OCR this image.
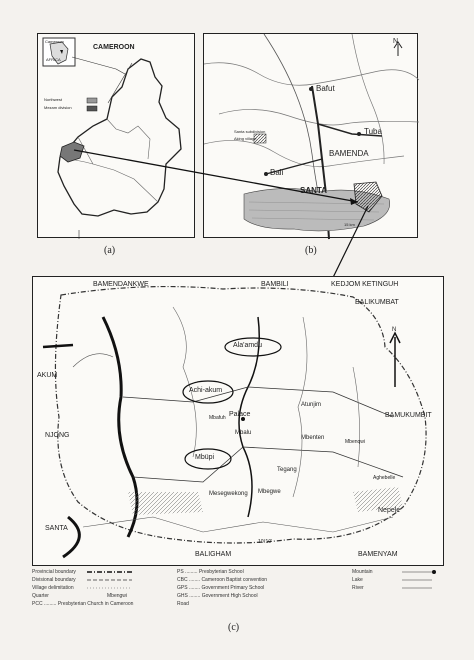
CAMEROON
Cameroon
AFRICA
Northwest
Mezam division
(a)
N
Bafut
Tuba
BAMENDA
Bali
SANTA
Santa subdivision
Aking village
15 km
(b)
BAMENDANKWE	BAMBILI	KEDJOM KETINGUH
BALIKUMBAT
AKUM
BAMUKUMBIT
NJONG
SANTA
BALIGHAM	BAMENYAM
Ala'amdu
Achi-akum
Mbüpi
Palace
Mbafuh
Mbalu
Atunjim
Mbenten
Mbenqwi
Tegang
Mbegwe
Mesegwekong
Nepele
Aghebelle
10°10'
N
Provincial boundary
Divisional boundary
Village delimitation
Quarter
PCC ......... Presbyterian Church in Cameroon
Mbengwi
PS ......... Presbyterian School
CBC ........ Cameroon Baptist convention
GPS ........ Government Primary School
GHS ........ Government High School
Road
Mountain
Lake
River
(c)
